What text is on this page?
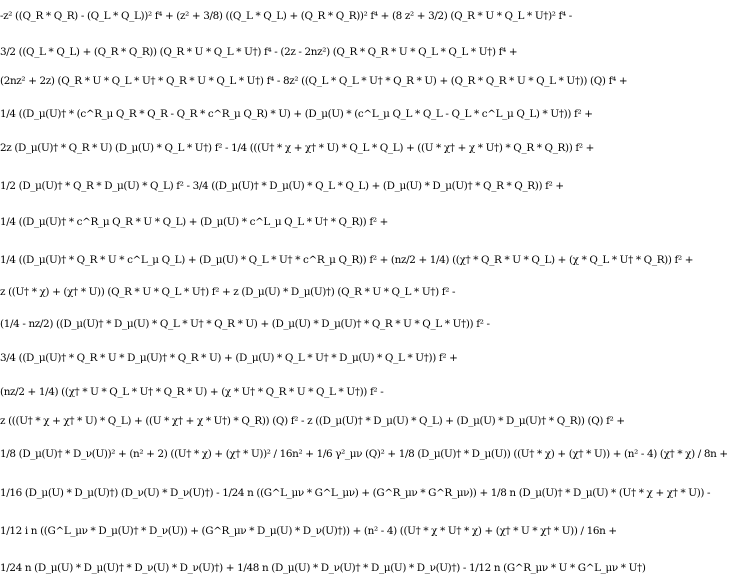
-z² ((Q_R * Q_R) - (Q_L * Q_L))² f⁴ + (z² + 3/8) ((Q_L * Q_L) + (Q_R * Q_R))² f⁴ + (8 z² + 3/2) (Q_R * U * Q_L * U†)² f⁴ -
3/2 ((Q_L * Q_L) + (Q_R * Q_R)) (Q_R * U * Q_L * U†) f⁴ - (2z - 2nz²) (Q_R * Q_R * U * Q_L * Q_L * U†) f⁴ +
(2nz² + 2z) (Q_R * U * Q_L * U† * Q_R * U * Q_L * U†) f⁴ - 8z² ((Q_L * Q_L * U† * Q_R * U) + (Q_R * Q_R * U * Q_L * U†)) (Q) f⁴ +
1/4 ((D_μ(U)† * (c^R_μ Q_R * Q_R - Q_R * c^R_μ Q_R) * U) + (D_μ(U) * (c^L_μ Q_L * Q_L - Q_L * c^L_μ Q_L) * U†)) f² +
2z (D_μ(U)† * Q_R * U) (D_μ(U) * Q_L * U†) f² - 1/4 (((U† * χ + χ† * U) * Q_L * Q_L) + ((U * χ† + χ * U†) * Q_R * Q_R)) f² +
1/2 (D_μ(U)† * Q_R * D_μ(U) * Q_L) f² - 3/4 ((D_μ(U)† * D_μ(U) * Q_L * Q_L) + (D_μ(U) * D_μ(U)† * Q_R * Q_R)) f² +
1/4 ((D_μ(U)† * c^R_μ Q_R * U * Q_L) + (D_μ(U) * c^L_μ Q_L * U† * Q_R)) f² +
1/4 ((D_μ(U)† * Q_R * U * c^L_μ Q_L) + (D_μ(U) * Q_L * U† * c^R_μ Q_R)) f² + (nz/2 + 1/4) ((χ† * Q_R * U * Q_L) + (χ * Q_L * U† * Q_R)) f² +
z ((U† * χ) + (χ† * U)) (Q_R * U * Q_L * U†) f² + z (D_μ(U) * D_μ(U)†) (Q_R * U * Q_L * U†) f² -
(1/4 - nz/2) ((D_μ(U)† * D_μ(U) * Q_L * U† * Q_R * U) + (D_μ(U) * D_μ(U)† * Q_R * U * Q_L * U†)) f² -
3/4 ((D_μ(U)† * Q_R * U * D_μ(U)† * Q_R * U) + (D_μ(U) * Q_L * U† * D_μ(U) * Q_L * U†)) f² +
(nz/2 + 1/4) ((χ† * U * Q_L * U† * Q_R * U) + (χ * U† * Q_R * U * Q_L * U†)) f² -
z (((U† * χ + χ† * U) * Q_L) + ((U * χ† + χ * U†) * Q_R)) (Q) f² - z ((D_μ(U)† * D_μ(U) * Q_L) + (D_μ(U) * D_μ(U)† * Q_R)) (Q) f² +
1/8 (D_μ(U)† * D_ν(U))² + (n² + 2) ((U† * χ) + (χ† * U))² / 16n² + 1/6 γ²_μν (Q)² + 1/8 (D_μ(U)† * D_μ(U)) ((U† * χ) + (χ† * U)) + (n² - 4) (χ† * χ) / 8n +
1/16 (D_μ(U) * D_μ(U)†) (D_ν(U) * D_ν(U)†) - 1/24 n ((G^L_μν * G^L_μν) + (G^R_μν * G^R_μν)) + 1/8 n (D_μ(U)† * D_μ(U) * (U† * χ + χ† * U)) -
1/12 i n ((G^L_μν * D_μ(U)† * D_ν(U)) + (G^R_μν * D_μ(U) * D_ν(U)†)) + (n² - 4) ((U† * χ * U† * χ) + (χ† * U * χ† * U)) / 16n +
1/24 n (D_μ(U) * D_μ(U)† * D_ν(U) * D_ν(U)†) + 1/48 n (D_μ(U) * D_ν(U)† * D_μ(U) * D_ν(U)†) - 1/12 n (G^R_μν * U * G^L_μν * U†)
